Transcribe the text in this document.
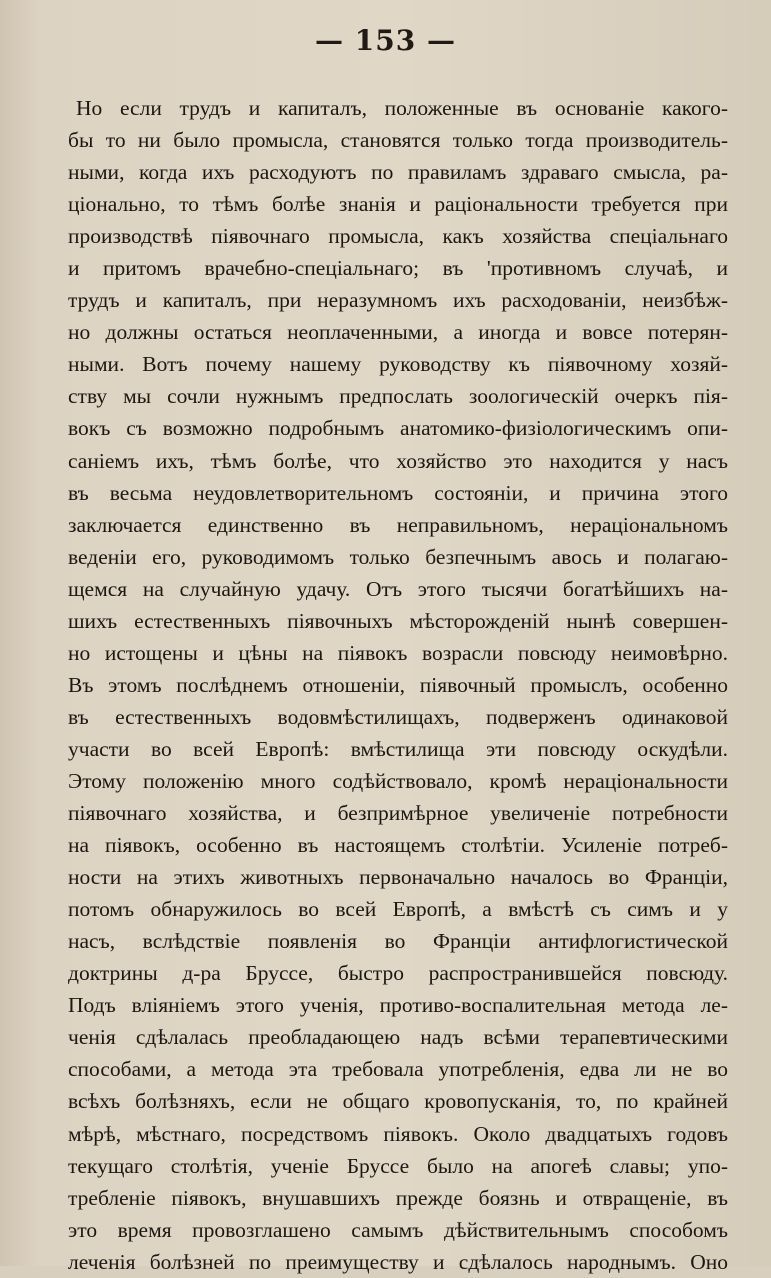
— 153 —
Но если трудъ и капиталъ, положенные въ основаніе какого-
бы то ни было промысла, становятся только тогда производитель-
ными, когда ихъ расходуютъ по правиламъ здраваго смысла, ра-
ціонально, то тѣмъ болѣе знанія и раціональности требуется при
производствѣ піявочнаго промысла, какъ хозяйства спеціальнаго
и притомъ врачебно-спеціальнаго; въ 'противномъ случаѣ, и
трудъ и капиталъ, при неразумномъ ихъ расходованіи, неизбѣж-
но должны остаться неоплаченными, а иногда и вовсе потерян-
ными. Вотъ почему нашему руководству къ піявочному хозяй-
ству мы сочли нужнымъ предпослать зоологическій очеркъ пія-
вокъ съ возможно подробнымъ анатомико-физіологическимъ опи-
саніемъ ихъ, тѣмъ болѣе, что хозяйство это находится у насъ
въ весьма неудовлетворительномъ состояніи, и причина этого
заключается единственно въ неправильномъ, нераціональномъ
веденіи его, руководимомъ только безпечнымъ авось и полагаю-
щемся на случайную удачу. Отъ этого тысячи богатѣйшихъ на-
шихъ естественныхъ піявочныхъ мѣсторожденій нынѣ совершен-
но истощены и цѣны на піявокъ возрасли повсюду неимовѣрно.
Въ этомъ послѣднемъ отношеніи, піявочный промыслъ, особенно
въ естественныхъ водовмѣстилищахъ, подверженъ одинаковой
участи во всей Европѣ: вмѣстилища эти повсюду оскудѣли.
Этому положенію много содѣйствовало, кромѣ нераціональности
піявочнаго хозяйства, и безпримѣрное увеличеніе потребности
на піявокъ, особенно въ настоящемъ столѣтіи. Усиленіе потреб-
ности на этихъ животныхъ первоначально началось во Франціи,
потомъ обнаружилось во всей Европѣ, а вмѣстѣ съ симъ и у
насъ, вслѣдствіе появленія во Франціи антифлогистической
доктрины д-ра Бруссе, быстро распространившейся повсюду.
Подъ вліяніемъ этого ученія, противо-воспалительная метода ле-
ченія сдѣлалась преобладающею надъ всѣми терапевтическими
способами, а метода эта требовала употребленія, едва ли не во
всѣхъ болѣзняхъ, если не общаго кровопусканія, то, по крайней
мѣрѣ, мѣстнаго, посредствомъ піявокъ. Около двадцатыхъ годовъ
текущаго столѣтія, ученіе Бруссе было на апогеѣ славы; упо-
требленіе піявокъ, внушавшихъ прежде боязнь и отвращеніе, въ
это время провозглашено самымъ дѣйствительнымъ способомъ
леченія болѣзней по преимуществу и сдѣлалось народнымъ. Оно
